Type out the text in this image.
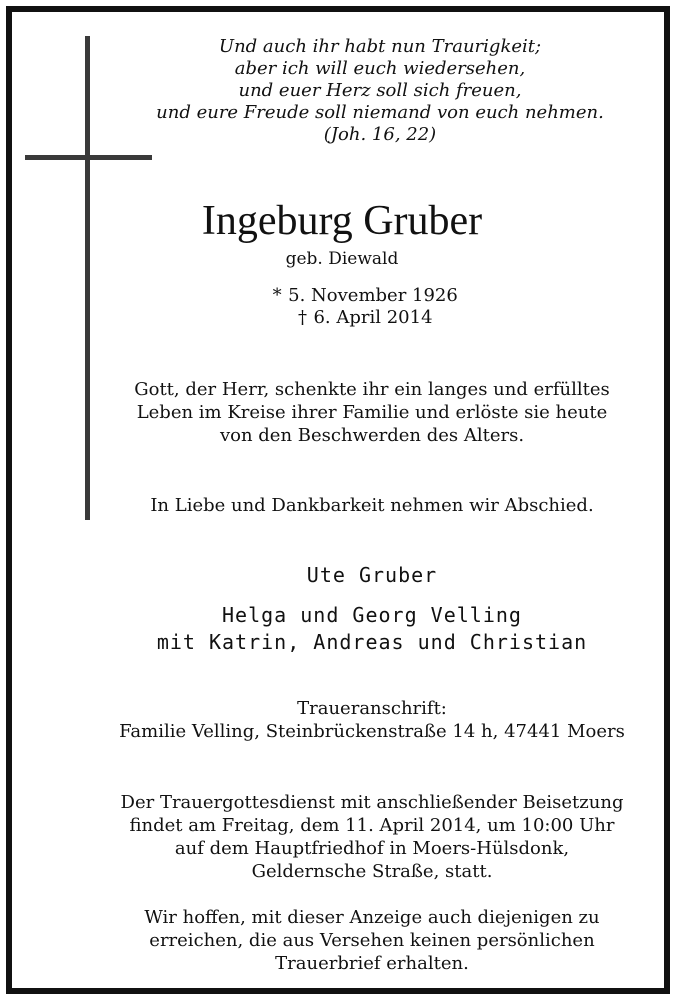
Und auch ihr habt nun Traurigkeit;
aber ich will euch wiedersehen,
und euer Herz soll sich freuen,
und eure Freude soll niemand von euch nehmen.
(Joh. 16, 22)
Ingeburg Gruber
geb. Diewald
* 5. November 1926
† 6. April 2014
Gott, der Herr, schenkte ihr ein langes und erfülltes
Leben im Kreise ihrer Familie und erlöste sie heute
von den Beschwerden des Alters.
In Liebe und Dankbarkeit nehmen wir Abschied.
Ute Gruber
Helga und Georg Velling
mit Katrin, Andreas und Christian
Traueranschrift:
Familie Velling, Steinbrückenstraße 14 h, 47441 Moers
Der Trauergottesdienst mit anschließender Beisetzung
findet am Freitag, dem 11. April 2014, um 10:00 Uhr
auf dem Hauptfriedhof in Moers-Hülsdonk,
Geldernsche Straße, statt.
Wir hoffen, mit dieser Anzeige auch diejenigen zu
erreichen, die aus Versehen keinen persönlichen
Trauerbrief erhalten.
